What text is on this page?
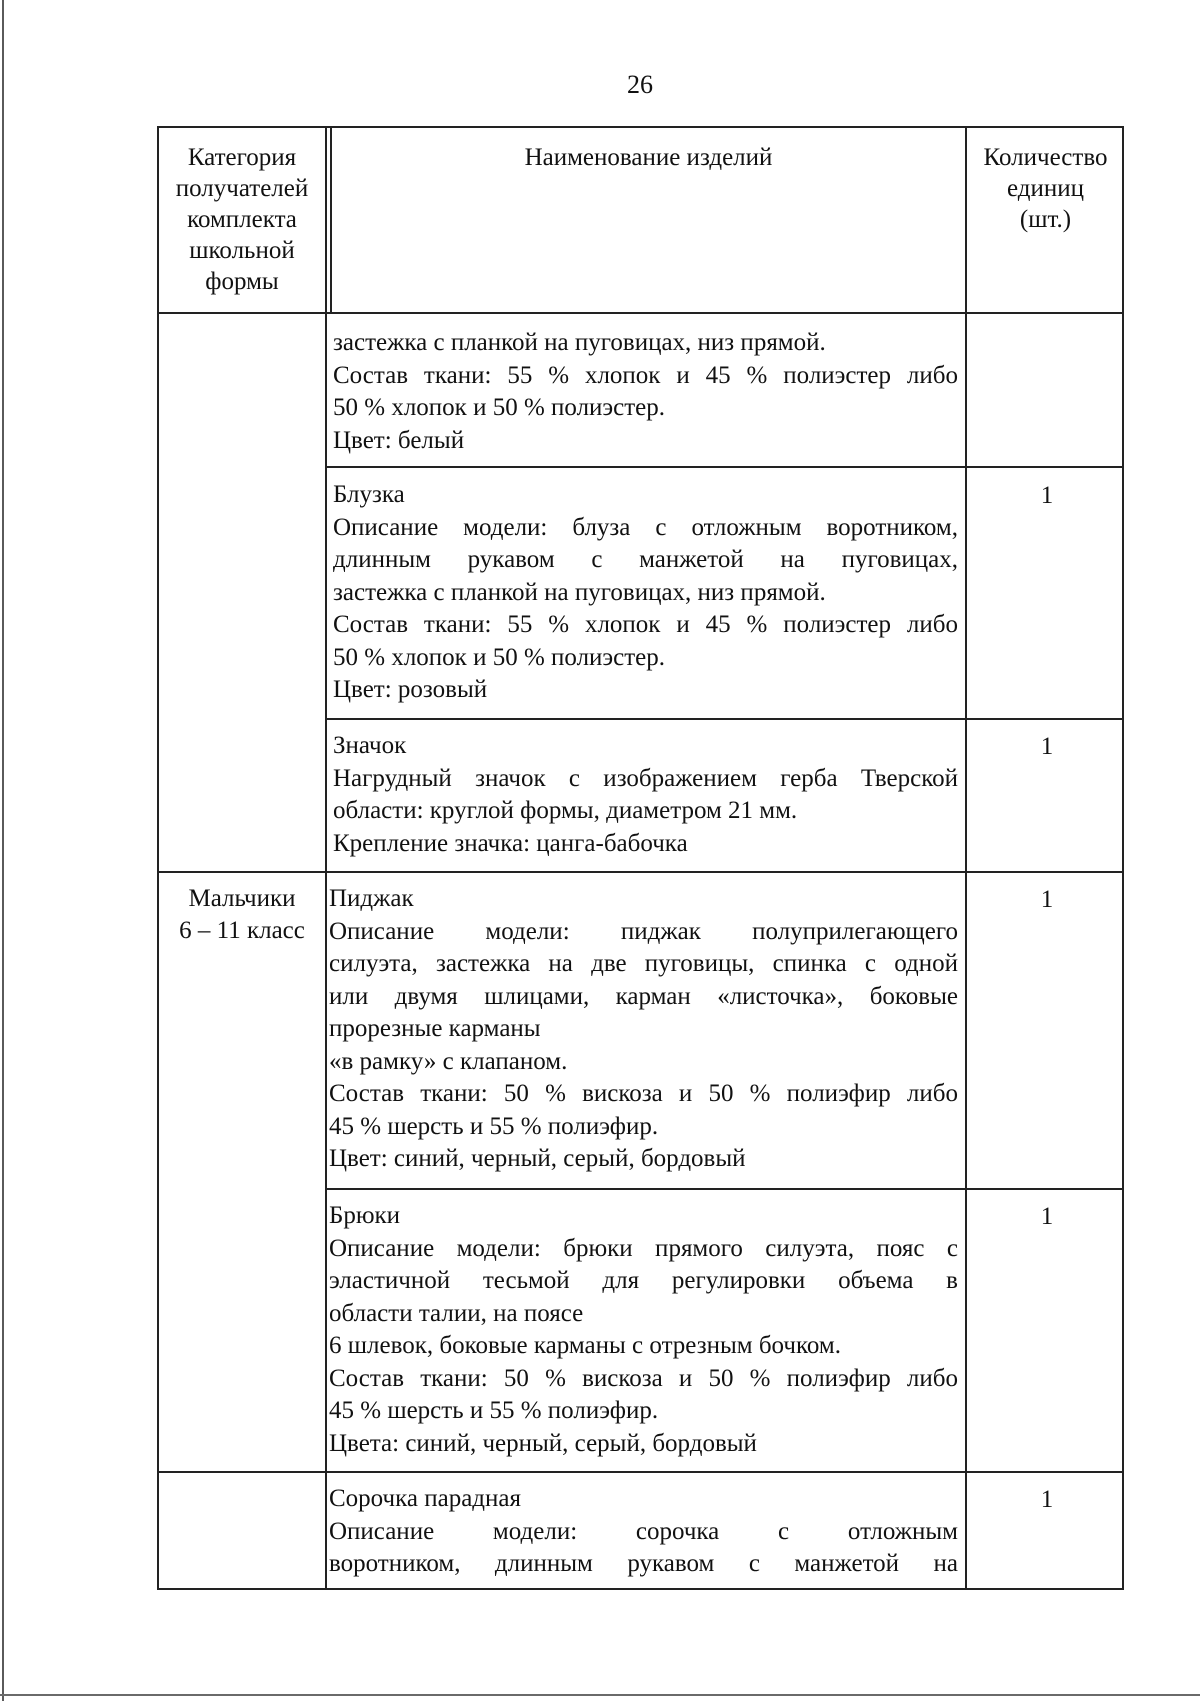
26
Категория
получателей
комплекта
школьной
формы
Наименование изделий	Количество
единиц
(шт.)
застежка с планкой на пуговицах, низ прямой.
Состав ткани: 55 % хлопок и 45 % полиэстер либо
50 % хлопок и 50 % полиэстер.
Цвет: белый
Блузка
Описание модели: блуза с отложным воротником,
длинным рукавом с манжетой на пуговицах,
застежка с планкой на пуговицах, низ прямой.
Состав ткани: 55 % хлопок и 45 % полиэстер либо
50 % хлопок и 50 % полиэстер.
Цвет: розовый
1
Значок
Нагрудный значок с изображением герба Тверской
области: круглой формы, диаметром 21 мм.
Крепление значка: цанга-бабочка
1
Мальчики
6 – 11 класс
Пиджак
Описание модели: пиджак полуприлегающего
силуэта, застежка на две пуговицы, спинка с одной
или двумя шлицами, карман «листочка», боковые
прорезные карманы
«в рамку» с клапаном.
Состав ткани: 50 % вискоза и 50 % полиэфир либо
45 % шерсть и 55 % полиэфир.
Цвет: синий, черный, серый, бордовый
1
Брюки
Описание модели: брюки прямого силуэта, пояс с
эластичной тесьмой для регулировки объема в
области талии, на поясе
6 шлевок, боковые карманы с отрезным бочком.
Состав ткани: 50 % вискоза и 50 % полиэфир либо
45 % шерсть и 55 % полиэфир.
Цвета: синий, черный, серый, бордовый
1
Сорочка парадная
Описание модели: сорочка с отложным
воротником, длинным рукавом с манжетой на
1
